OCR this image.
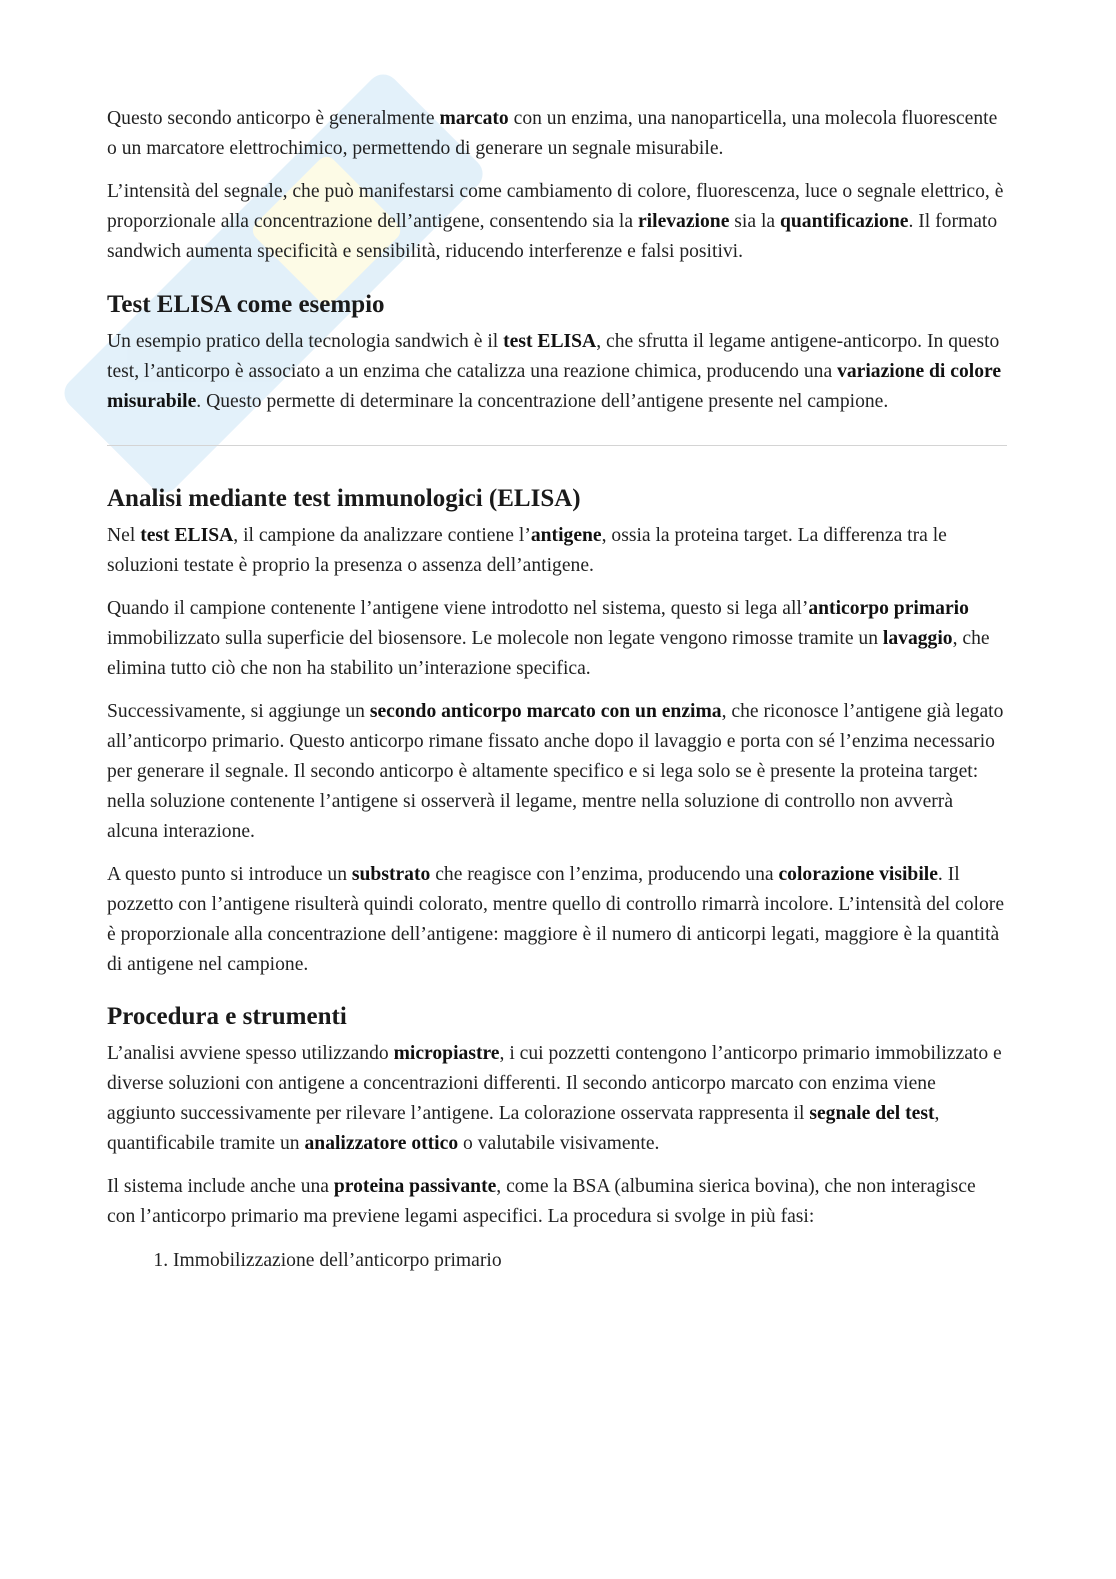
Questo secondo anticorpo è generalmente marcato con un enzima, una nanoparticella, una molecola fluorescente o un marcatore elettrochimico, permettendo di generare un segnale misurabile.

L’intensità del segnale, che può manifestarsi come cambiamento di colore, fluorescenza, luce o segnale elettrico, è proporzionale alla concentrazione dell’antigene, consentendo sia la rilevazione sia la quantificazione. Il formato sandwich aumenta specificità e sensibilità, riducendo interferenze e falsi positivi.

Test ELISA come esempio

Un esempio pratico della tecnologia sandwich è il test ELISA, che sfrutta il legame antigene-anticorpo. In questo test, l’anticorpo è associato a un enzima che catalizza una reazione chimica, producendo una variazione di colore misurabile. Questo permette di determinare la concentrazione dell’antigene presente nel campione.

Analisi mediante test immunologici (ELISA)

Nel test ELISA, il campione da analizzare contiene l’antigene, ossia la proteina target. La differenza tra le soluzioni testate è proprio la presenza o assenza dell’antigene.

Quando il campione contenente l’antigene viene introdotto nel sistema, questo si lega all’anticorpo primario immobilizzato sulla superficie del biosensore. Le molecole non legate vengono rimosse tramite un lavaggio, che elimina tutto ciò che non ha stabilito un’interazione specifica.

Successivamente, si aggiunge un secondo anticorpo marcato con un enzima, che riconosce l’antigene già legato all’anticorpo primario. Questo anticorpo rimane fissato anche dopo il lavaggio e porta con sé l’enzima necessario per generare il segnale. Il secondo anticorpo è altamente specifico e si lega solo se è presente la proteina target: nella soluzione contenente l’antigene si osserverà il legame, mentre nella soluzione di controllo non avverrà alcuna interazione.

A questo punto si introduce un substrato che reagisce con l’enzima, producendo una colorazione visibile. Il pozzetto con l’antigene risulterà quindi colorato, mentre quello di controllo rimarrà incolore. L’intensità del colore è proporzionale alla concentrazione dell’antigene: maggiore è il numero di anticorpi legati, maggiore è la quantità di antigene nel campione.

Procedura e strumenti

L’analisi avviene spesso utilizzando micropiastre, i cui pozzetti contengono l’anticorpo primario immobilizzato e diverse soluzioni con antigene a concentrazioni differenti. Il secondo anticorpo marcato con enzima viene aggiunto successivamente per rilevare l’antigene. La colorazione osservata rappresenta il segnale del test, quantificabile tramite un analizzatore ottico o valutabile visivamente.

Il sistema include anche una proteina passivante, come la BSA (albumina sierica bovina), che non interagisce con l’anticorpo primario ma previene legami aspecifici. La procedura si svolge in più fasi:

1. Immobilizzazione dell’anticorpo primario
